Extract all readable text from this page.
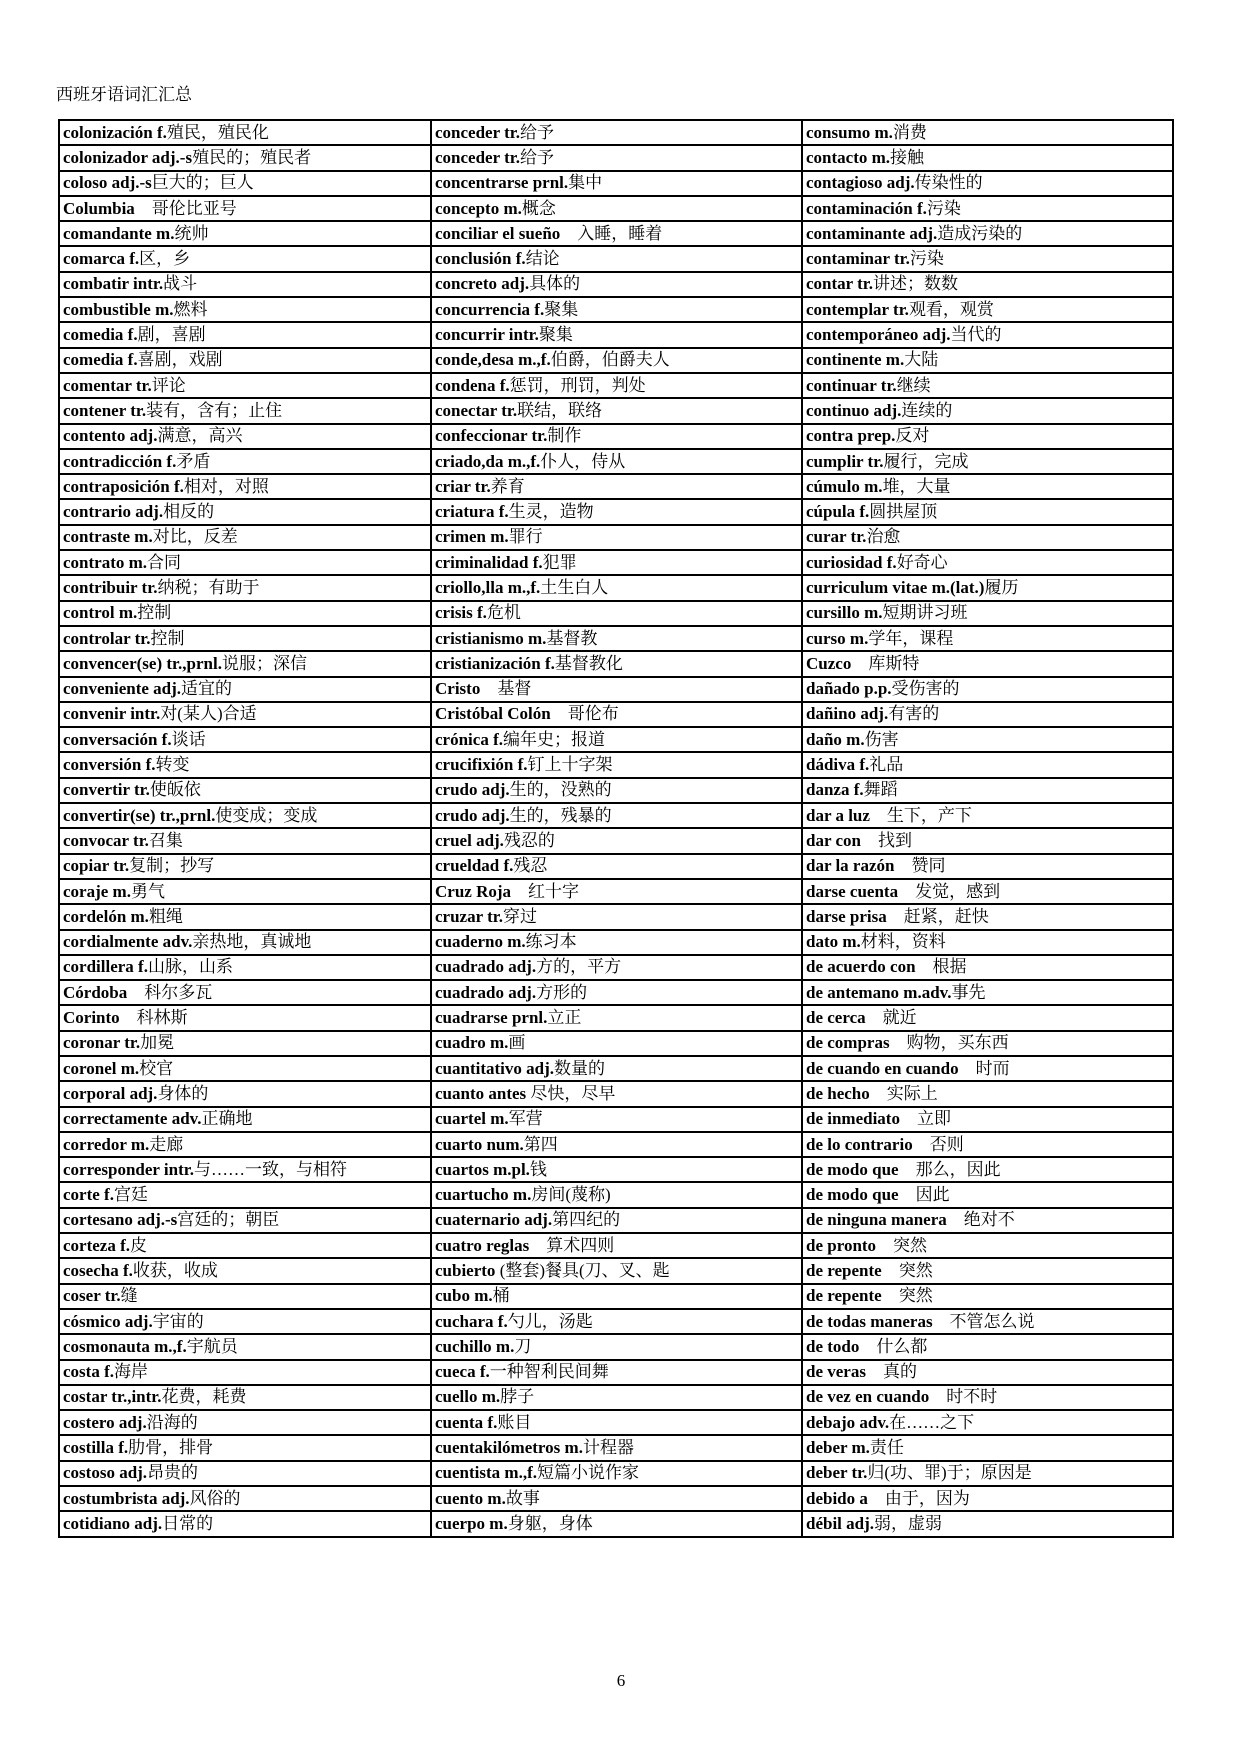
西班牙语词汇汇总
colonización f.殖民，殖民化	conceder tr.给予	consumo m.消费
colonizador adj.-s殖民的；殖民者	conceder tr.给予	contacto m.接触
coloso adj.-s巨大的；巨人	concentrarse prnl.集中	contagioso adj.传染性的
Columbia　哥伦比亚号	concepto m.概念	contaminación f.污染
comandante m.统帅	conciliar el sueño　入睡，睡着	contaminante adj.造成污染的
comarca f.区，乡	conclusión f.结论	contaminar tr.污染
combatir intr.战斗	concreto adj.具体的	contar tr.讲述；数数
combustible m.燃料	concurrencia f.聚集	contemplar tr.观看，观赏
comedia f.剧，喜剧	concurrir intr.聚集	contemporáneo adj.当代的
comedia f.喜剧，戏剧	conde,desa m.,f.伯爵，伯爵夫人	continente m.大陆
comentar tr.评论	condena f.惩罚，刑罚，判处	continuar tr.继续
contener tr.装有，含有；止住	conectar tr.联结，联络	continuo adj.连续的
contento adj.满意，高兴	confeccionar tr.制作	contra prep.反对
contradicción f.矛盾	criado,da m.,f.仆人，侍从	cumplir tr.履行，完成
contraposición f.相对，对照	criar tr.养育	cúmulo m.堆，大量
contrario adj.相反的	criatura f.生灵，造物	cúpula f.圆拱屋顶
contraste m.对比，反差	crimen m.罪行	curar tr.治愈
contrato m.合同	criminalidad f.犯罪	curiosidad f.好奇心
contribuir tr.纳税；有助于	criollo,lla m.,f.土生白人	curriculum vitae m.(lat.)履历
control m.控制	crisis f.危机	cursillo m.短期讲习班
controlar tr.控制	cristianismo m.基督教	curso m.学年，课程
convencer(se) tr.,prnl.说服；深信	cristianización f.基督教化	Cuzco　库斯特
conveniente adj.适宜的	Cristo　基督	dañado p.p.受伤害的
convenir intr.对(某人)合适	Cristóbal Colón　哥伦布	dañino adj.有害的
conversación f.谈话	crónica f.编年史；报道	daño m.伤害
conversión f.转变	crucifixión f.钉上十字架	dádiva f.礼品
convertir tr.使皈依	crudo adj.生的，没熟的	danza f.舞蹈
convertir(se) tr.,prnl.使变成；变成	crudo adj.生的，残暴的	dar a luz　生下，产下
convocar tr.召集	cruel adj.残忍的	dar con　找到
copiar tr.复制；抄写	crueldad f.残忍	dar la razón　赞同
coraje m.勇气	Cruz Roja　红十字	darse cuenta　发觉，感到
cordelón m.粗绳	cruzar tr.穿过	darse prisa　赶紧，赶快
cordialmente adv.亲热地，真诚地	cuaderno m.练习本	dato m.材料，资料
cordillera f.山脉，山系	cuadrado adj.方的，平方	de acuerdo con　根据
Córdoba　科尔多瓦	cuadrado adj.方形的	de antemano m.adv.事先
Corinto　科林斯	cuadrarse prnl.立正	de cerca　就近
coronar tr.加冕	cuadro m.画	de compras　购物，买东西
coronel m.校官	cuantitativo adj.数量的	de cuando en cuando　时而
corporal adj.身体的	cuanto antes 尽快，尽早	de hecho　实际上
correctamente adv.正确地	cuartel m.军营	de inmediato　立即
corredor m.走廊	cuarto num.第四	de lo contrario　否则
corresponder intr.与……一致，与相符	cuartos m.pl.钱	de modo que　那么，因此
corte f.宫廷	cuartucho m.房间(蔑称)	de modo que　因此
cortesano adj.-s宫廷的；朝臣	cuaternario adj.第四纪的	de ninguna manera　绝对不
corteza f.皮	cuatro reglas　算术四则	de pronto　突然
cosecha f.收获，收成	cubierto (整套)餐具(刀、叉、匙	de repente　突然
coser tr.缝	cubo m.桶	de repente　突然
cósmico adj.宇宙的	cuchara f.勺儿，汤匙	de todas maneras　不管怎么说
cosmonauta m.,f.宇航员	cuchillo m.刀	de todo　什么都
costa f.海岸	cueca f.一种智利民间舞	de veras　真的
costar tr.,intr.花费，耗费	cuello m.脖子	de vez en cuando　时不时
costero adj.沿海的	cuenta f.账目	debajo adv.在……之下
costilla f.肋骨，排骨	cuentakilómetros m.计程器	deber m.责任
costoso adj.昂贵的	cuentista m.,f.短篇小说作家	deber tr.归(功、罪)于；原因是
costumbrista adj.风俗的	cuento m.故事	debido a　由于，因为
cotidiano adj.日常的	cuerpo m.身躯，身体	débil adj.弱，虚弱
6
